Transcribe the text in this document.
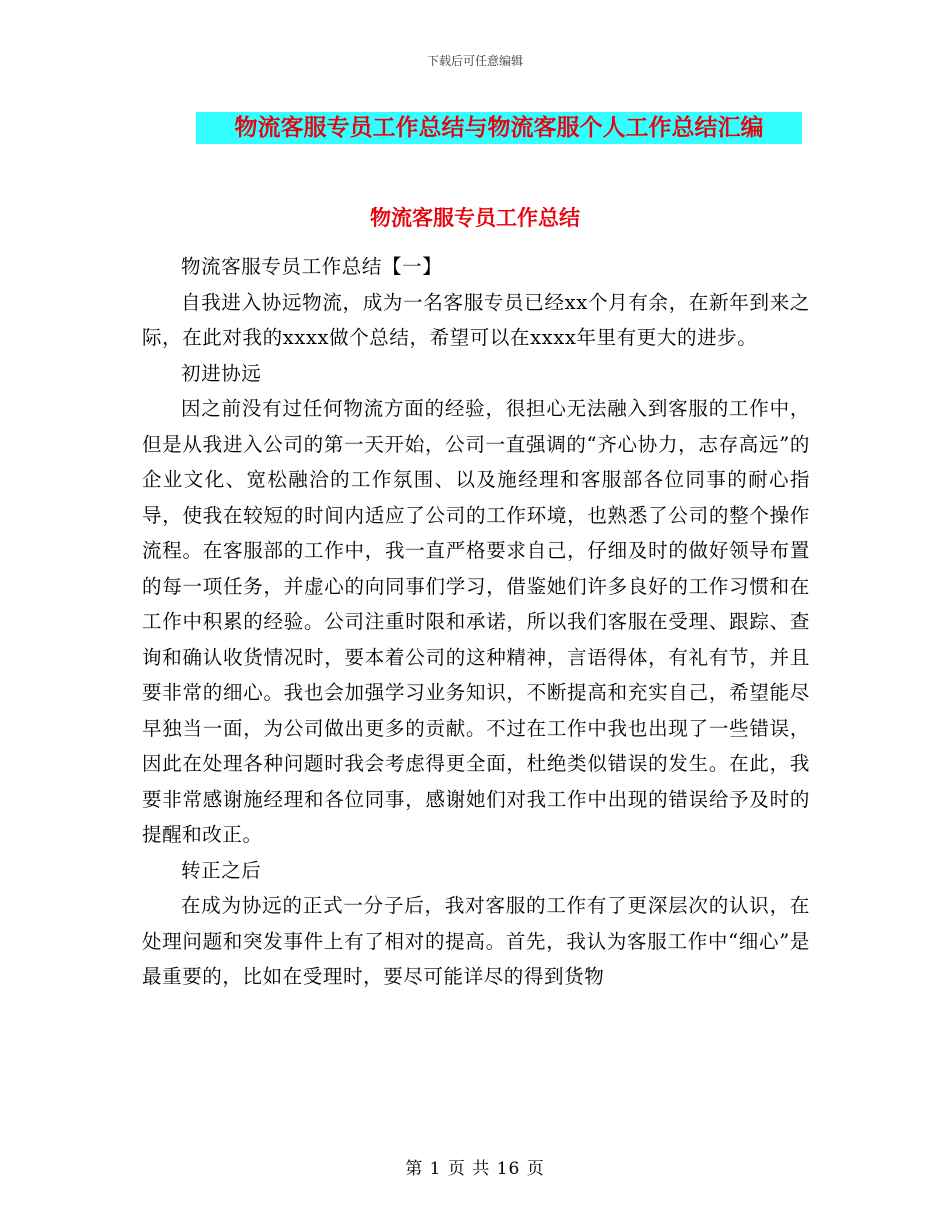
下载后可任意编辑
物流客服专员工作总结与物流客服个人工作总结汇编
物流客服专员工作总结

物流客服专员工作总结【一】

自我进入协远物流，成为一名客服专员已经xx个月有余，在新年到来之际，在此对我的xxxx做个总结，希望可以在xxxx年里有更大的进步。

初进协远

因之前没有过任何物流方面的经验，很担心无法融入到客服的工作中，但是从我进入公司的第一天开始，公司一直强调的“齐心协力，志存高远”的企业文化、宽松融洽的工作氛围、以及施经理和客服部各位同事的耐心指导，使我在较短的时间内适应了公司的工作环境，也熟悉了公司的整个操作流程。在客服部的工作中，我一直严格要求自己，仔细及时的做好领导布置的每一项任务，并虚心的向同事们学习，借鉴她们许多良好的工作习惯和在工作中积累的经验。公司注重时限和承诺，所以我们客服在受理、跟踪、查询和确认收货情况时，要本着公司的这种精神，言语得体，有礼有节，并且要非常的细心。我也会加强学习业务知识，不断提高和充实自己，希望能尽早独当一面，为公司做出更多的贡献。不过在工作中我也出现了一些错误，因此在处理各种问题时我会考虑得更全面，杜绝类似错误的发生。在此，我要非常感谢施经理和各位同事，感谢她们对我工作中出现的错误给予及时的提醒和改正。

转正之后

在成为协远的正式一分子后，我对客服的工作有了更深层次的认识，在处理问题和突发事件上有了相对的提高。首先，我认为客服工作中“细心”是最重要的，比如在受理时，要尽可能详尽的得到货物

第 1 页 共 16 页
